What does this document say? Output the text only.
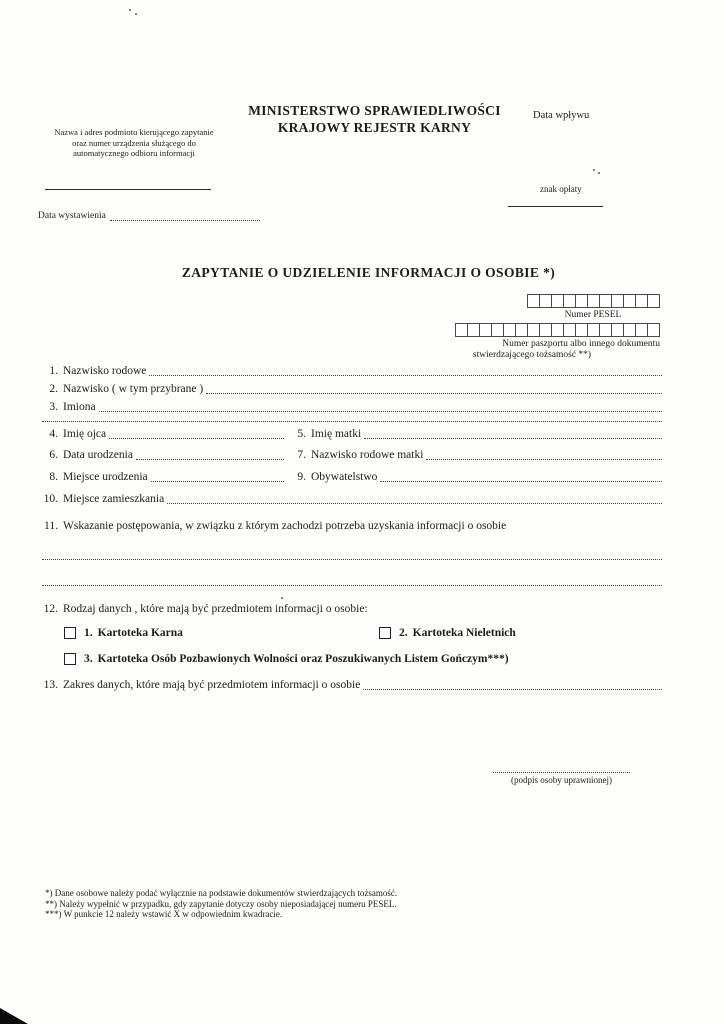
Nazwa i adres podmiotu kierującego zapytanie oraz numer urządzenia służącego do automatycznego odbioru informacji
MINISTERSTWO SPRAWIEDLIWOŚCI
KRAJOWY REJESTR KARNY
Data wpływu
znak opłaty
Data wystawienia
ZAPYTANIE O UDZIELENIE INFORMACJI O OSOBIE *)
Numer PESEL
Numer paszportu albo innego dokumentu
stwierdzającego tożsamość **)
1. Nazwisko rodowe
2. Nazwisko ( w tym przybrane )
3. Imiona
4. Imię ojca	5. Imię matki
6. Data urodzenia	7. Nazwisko rodowe matki
8. Miejsce urodzenia	9. Obywatelstwo
10. Miejsce zamieszkania
11. Wskazanie postępowania, w związku z którym zachodzi potrzeba uzyskania informacji o osobie
12. Rodzaj danych , które mają być przedmiotem informacji o osobie:
1. Kartoteka Karna	2. Kartoteka Nieletnich
3. Kartoteka Osób Pozbawionych Wolności oraz Poszukiwanych Listem Gończym***)
13. Zakres danych, które mają być przedmiotem informacji o osobie
(podpis osoby uprawnionej)
*) Dane osobowe należy podać wyłącznie na podstawie dokumentów stwierdzających tożsamość.
**) Należy wypełnić w przypadku, gdy zapytanie dotyczy osoby nieposiadającej numeru PESEL.
***) W punkcie 12 należy wstawić X w odpowiednim kwadracie.
